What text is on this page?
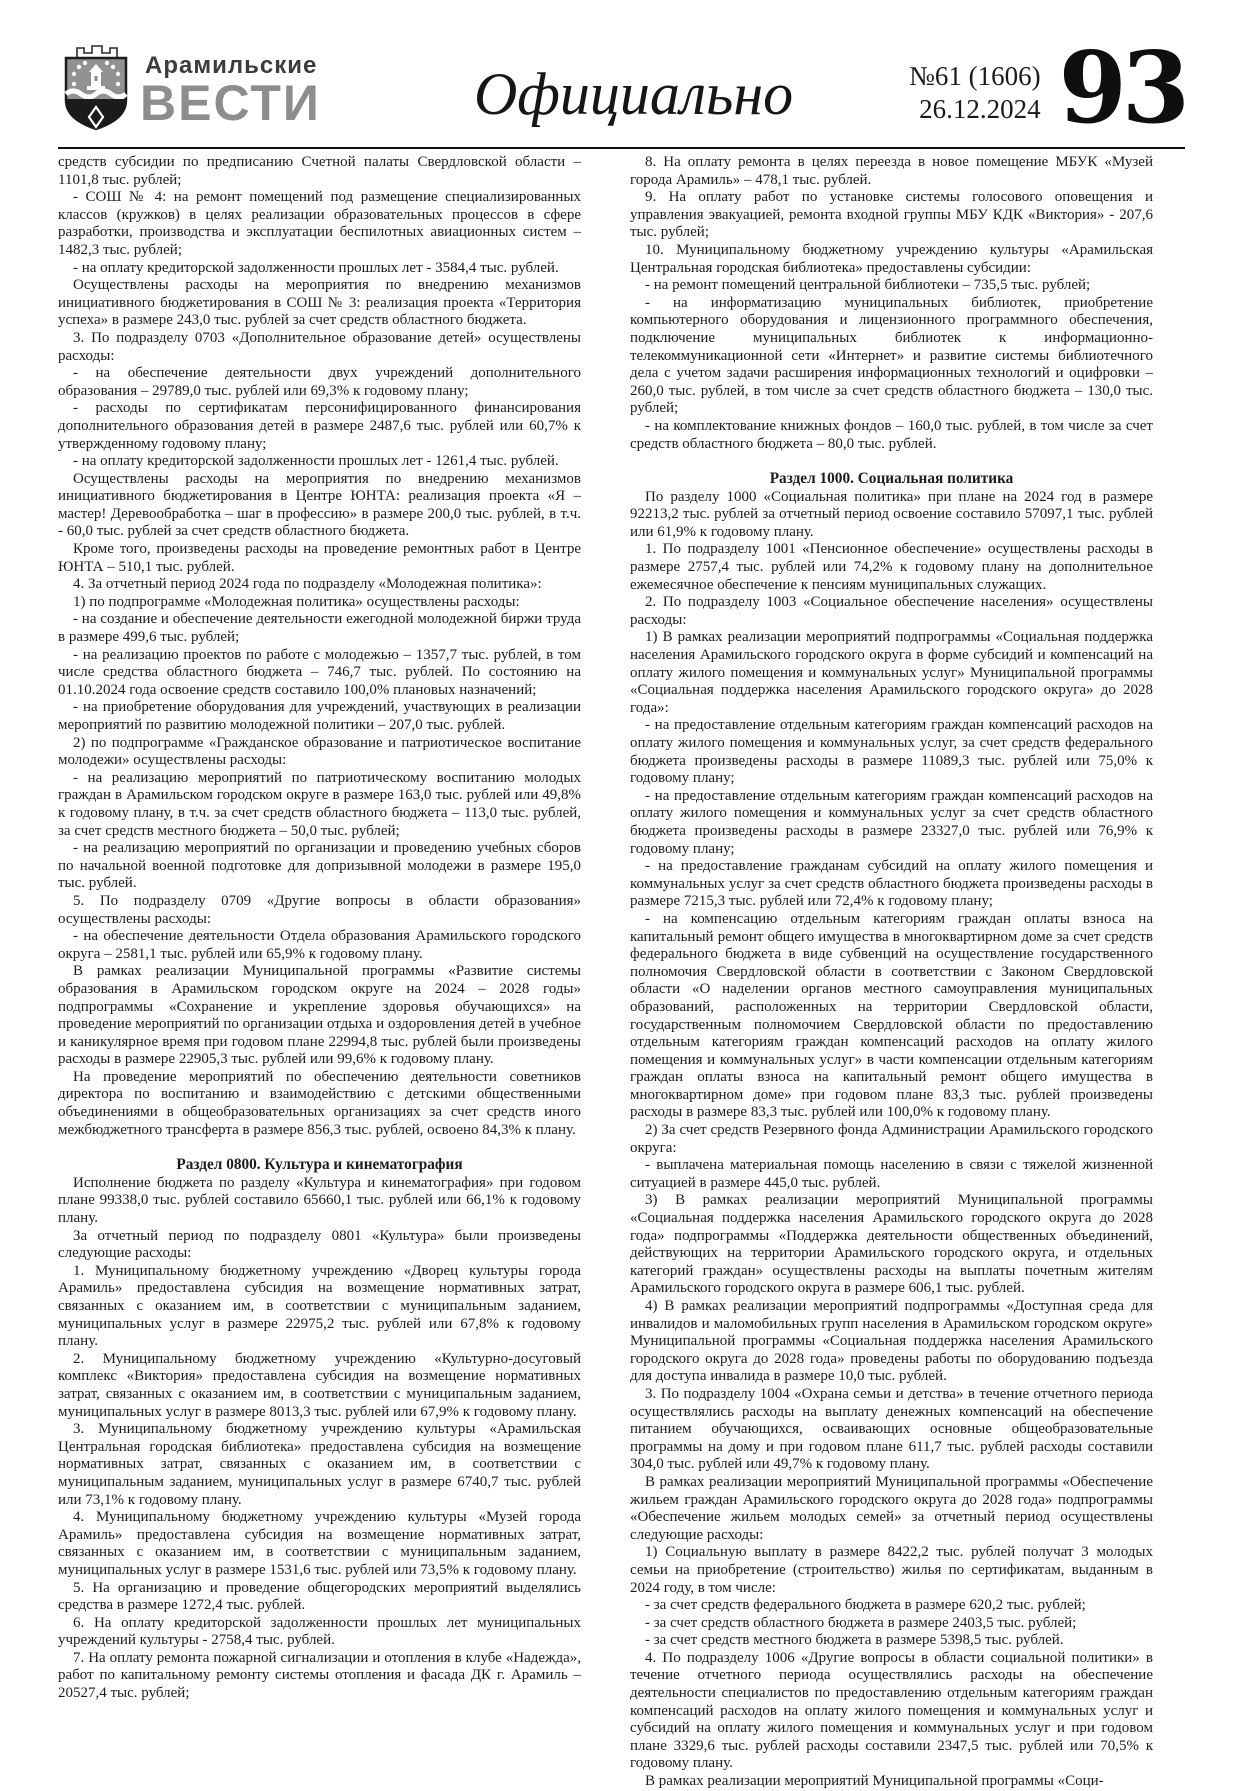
Арамильские
ВЕСТИ	Официально	№61 (1606)
26.12.2024 93

средств субсидии по предписанию Счетной палаты Свердловской области – 1101,8 тыс. рублей;

- СОШ № 4: на ремонт помещений под размещение специализированных классов (кружков) в целях реализации образовательных процессов в сфере разработки, производства и эксплуатации беспилотных авиационных систем – 1482,3 тыс. рублей;

- на оплату кредиторской задолженности прошлых лет - 3584,4 тыс. рублей.

Осуществлены расходы на мероприятия по внедрению механизмов инициативного бюджетирования в СОШ № 3: реализация проекта «Территория успеха» в размере 243,0 тыс. рублей за счет средств областного бюджета.

3. По подразделу 0703 «Дополнительное образование детей» осуществлены расходы:

- на обеспечение деятельности двух учреждений дополнительного образования – 29789,0 тыс. рублей или 69,3% к годовому плану;

- расходы по сертификатам персонифицированного финансирования дополнительного образования детей в размере 2487,6 тыс. рублей или 60,7% к утвержденному годовому плану;

- на оплату кредиторской задолженности прошлых лет - 1261,4 тыс. рублей.

Осуществлены расходы на мероприятия по внедрению механизмов инициативного бюджетирования в Центре ЮНТА: реализация проекта «Я – мастер! Деревообработка – шаг в профессию» в размере 200,0 тыс. рублей, в т.ч. - 60,0 тыс. рублей за счет средств областного бюджета.

Кроме того, произведены расходы на проведение ремонтных работ в Центре ЮНТА – 510,1 тыс. рублей.

4. За отчетный период 2024 года по подразделу «Молодежная политика»:

1) по подпрограмме «Молодежная политика» осуществлены расходы:

- на создание и обеспечение деятельности ежегодной молодежной биржи труда в размере 499,6 тыс. рублей;

- на реализацию проектов по работе с молодежью – 1357,7 тыс. рублей, в том числе средства областного бюджета – 746,7 тыс. рублей. По состоянию на 01.10.2024 года освоение средств составило 100,0% плановых назначений;

- на приобретение оборудования для учреждений, участвующих в реализации мероприятий по развитию молодежной политики – 207,0 тыс. рублей.

2) по подпрограмме «Гражданское образование и патриотическое воспитание молодежи» осуществлены расходы:

- на реализацию мероприятий по патриотическому воспитанию молодых граждан в Арамильском городском округе в размере 163,0 тыс. рублей или 49,8% к годовому плану, в т.ч. за счет средств областного бюджета – 113,0 тыс. рублей, за счет средств местного бюджета – 50,0 тыс. рублей;

- на реализацию мероприятий по организации и проведению учебных сборов по начальной военной подготовке для допризывной молодежи в размере 195,0 тыс. рублей.

5. По подразделу 0709 «Другие вопросы в области образования» осуществлены расходы:

- на обеспечение деятельности Отдела образования Арамильского городского округа – 2581,1 тыс. рублей или 65,9% к годовому плану.

В рамках реализации Муниципальной программы «Развитие системы образования в Арамильском городском округе на 2024 – 2028 годы» подпрограммы «Сохранение и укрепление здоровья обучающихся» на проведение мероприятий по организации отдыха и оздоровления детей в учебное и каникулярное время при годовом плане 22994,8 тыс. рублей были произведены расходы в размере 22905,3 тыс. рублей или 99,6% к годовому плану.

На проведение мероприятий по обеспечению деятельности советников директора по воспитанию и взаимодействию с детскими общественными объединениями в общеобразовательных организациях за счет средств иного межбюджетного трансферта в размере 856,3 тыс. рублей, освоено 84,3% к плану.

Раздел 0800. Культура и кинематография

Исполнение бюджета по разделу «Культура и кинематография» при годовом плане 99338,0 тыс. рублей составило 65660,1 тыс. рублей или 66,1% к годовому плану.

За отчетный период по подразделу 0801 «Культура» были произведены следующие расходы:

1. Муниципальному бюджетному учреждению «Дворец культуры города Арамиль» предоставлена субсидия на возмещение нормативных затрат, связанных с оказанием им, в соответствии с муниципальным заданием, муниципальных услуг в размере 22975,2 тыс. рублей или 67,8% к годовому плану.

2. Муниципальному бюджетному учреждению «Культурно-досуговый комплекс «Виктория» предоставлена субсидия на возмещение нормативных затрат, связанных с оказанием им, в соответствии с муниципальным заданием, муниципальных услуг в размере 8013,3 тыс. рублей или 67,9% к годовому плану.

3. Муниципальному бюджетному учреждению культуры «Арамильская Центральная городская библиотека» предоставлена субсидия на возмещение нормативных затрат, связанных с оказанием им, в соответствии с муниципальным заданием, муниципальных услуг в размере 6740,7 тыс. рублей или 73,1% к годовому плану.

4. Муниципальному бюджетному учреждению культуры «Музей города Арамиль» предоставлена субсидия на возмещение нормативных затрат, связанных с оказанием им, в соответствии с муниципальным заданием, муниципальных услуг в размере 1531,6 тыс. рублей или 73,5% к годовому плану.

5. На организацию и проведение общегородских мероприятий выделялись средства в размере 1272,4 тыс. рублей.

6. На оплату кредиторской задолженности прошлых лет муниципальных учреждений культуры - 2758,4 тыс. рублей.

7. На оплату ремонта пожарной сигнализации и отопления в клубе «Надежда», работ по капитальному ремонту системы отопления и фасада ДК г. Арамиль – 20527,4 тыс. рублей;

8. На оплату ремонта в целях переезда в новое помещение МБУК «Музей города Арамиль» – 478,1 тыс. рублей.

9. На оплату работ по установке системы голосового оповещения и управления эвакуацией, ремонта входной группы МБУ КДК «Виктория» - 207,6 тыс. рублей;

10. Муниципальному бюджетному учреждению культуры «Арамильская Центральная городская библиотека» предоставлены субсидии:

- на ремонт помещений центральной библиотеки – 735,5 тыс. рублей;

- на информатизацию муниципальных библиотек, приобретение компьютерного оборудования и лицензионного программного обеспечения, подключение муниципальных библиотек к информационно-телекоммуникационной сети «Интернет» и развитие системы библиотечного дела с учетом задачи расширения информационных технологий и оцифровки – 260,0 тыс. рублей, в том числе за счет средств областного бюджета – 130,0 тыс. рублей;

- на комплектование книжных фондов – 160,0 тыс. рублей, в том числе за счет средств областного бюджета – 80,0 тыс. рублей.

Раздел 1000. Социальная политика

По разделу 1000 «Социальная политика» при плане на 2024 год в размере 92213,2 тыс. рублей за отчетный период освоение составило 57097,1 тыс. рублей или 61,9% к годовому плану.

1. По подразделу 1001 «Пенсионное обеспечение» осуществлены расходы в размере 2757,4 тыс. рублей или 74,2% к годовому плану на дополнительное ежемесячное обеспечение к пенсиям муниципальных служащих.

2. По подразделу 1003 «Социальное обеспечение населения» осуществлены расходы:

1) В рамках реализации мероприятий подпрограммы «Социальная поддержка населения Арамильского городского округа в форме субсидий и компенсаций на оплату жилого помещения и коммунальных услуг» Муниципальной программы «Социальная поддержка населения Арамильского городского округа» до 2028 года»:

- на предоставление отдельным категориям граждан компенсаций расходов на оплату жилого помещения и коммунальных услуг, за счет средств федерального бюджета произведены расходы в размере 11089,3 тыс. рублей или 75,0% к годовому плану;

- на предоставление отдельным категориям граждан компенсаций расходов на оплату жилого помещения и коммунальных услуг за счет средств областного бюджета произведены расходы в размере 23327,0 тыс. рублей или 76,9% к годовому плану;

- на предоставление гражданам субсидий на оплату жилого помещения и коммунальных услуг за счет средств областного бюджета произведены расходы в размере 7215,3 тыс. рублей или 72,4% к годовому плану;

- на компенсацию отдельным категориям граждан оплаты взноса на капитальный ремонт общего имущества в многоквартирном доме за счет средств федерального бюджета в виде субвенций на осуществление государственного полномочия Свердловской области в соответствии с Законом Свердловской области «О наделении органов местного самоуправления муниципальных образований, расположенных на территории Свердловской области, государственным полномочием Свердловской области по предоставлению отдельным категориям граждан компенсаций расходов на оплату жилого помещения и коммунальных услуг» в части компенсации отдельным категориям граждан оплаты взноса на капитальный ремонт общего имущества в многоквартирном доме» при годовом плане 83,3 тыс. рублей произведены расходы в размере 83,3 тыс. рублей или 100,0% к годовому плану.

2) За счет средств Резервного фонда Администрации Арамильского городского округа:

- выплачена материальная помощь населению в связи с тяжелой жизненной ситуацией в размере 445,0 тыс. рублей.

3) В рамках реализации мероприятий Муниципальной программы «Социальная поддержка населения Арамильского городского округа до 2028 года» подпрограммы «Поддержка деятельности общественных объединений, действующих на территории Арамильского городского округа, и отдельных категорий граждан» осуществлены расходы на выплаты почетным жителям Арамильского городского округа в размере 606,1 тыс. рублей.

4) В рамках реализации мероприятий подпрограммы «Доступная среда для инвалидов и маломобильных групп населения в Арамильском городском округе» Муниципальной программы «Социальная поддержка населения Арамильского городского округа до 2028 года» проведены работы по оборудованию подъезда для доступа инвалида в размере 10,0 тыс. рублей.

3. По подразделу 1004 «Охрана семьи и детства» в течение отчетного периода осуществлялись расходы на выплату денежных компенсаций на обеспечение питанием обучающихся, осваивающих основные общеобразовательные программы на дому и при годовом плане 611,7 тыс. рублей расходы составили 304,0 тыс. рублей или 49,7% к годовому плану.

В рамках реализации мероприятий Муниципальной программы «Обеспечение жильем граждан Арамильского городского округа до 2028 года» подпрограммы «Обеспечение жильем молодых семей» за отчетный период осуществлены следующие расходы:

1) Социальную выплату в размере 8422,2 тыс. рублей получат 3 молодых семьи на приобретение (строительство) жилья по сертификатам, выданным в 2024 году, в том числе:

- за счет средств федерального бюджета в размере 620,2 тыс. рублей;

- за счет средств областного бюджета в размере 2403,5 тыс. рублей;

- за счет средств местного бюджета в размере 5398,5 тыс. рублей.

4. По подразделу 1006 «Другие вопросы в области социальной политики» в течение отчетного периода осуществлялись расходы на обеспечение деятельности специалистов по предоставлению отдельным категориям граждан компенсаций расходов на оплату жилого помещения и коммунальных услуг и субсидий на оплату жилого помещения и коммунальных услуг и при годовом плане 3329,6 тыс. рублей расходы составили 2347,5 тыс. рублей или 70,5% к годовому плану.

В рамках реализации мероприятий Муниципальной программы «Соци-
